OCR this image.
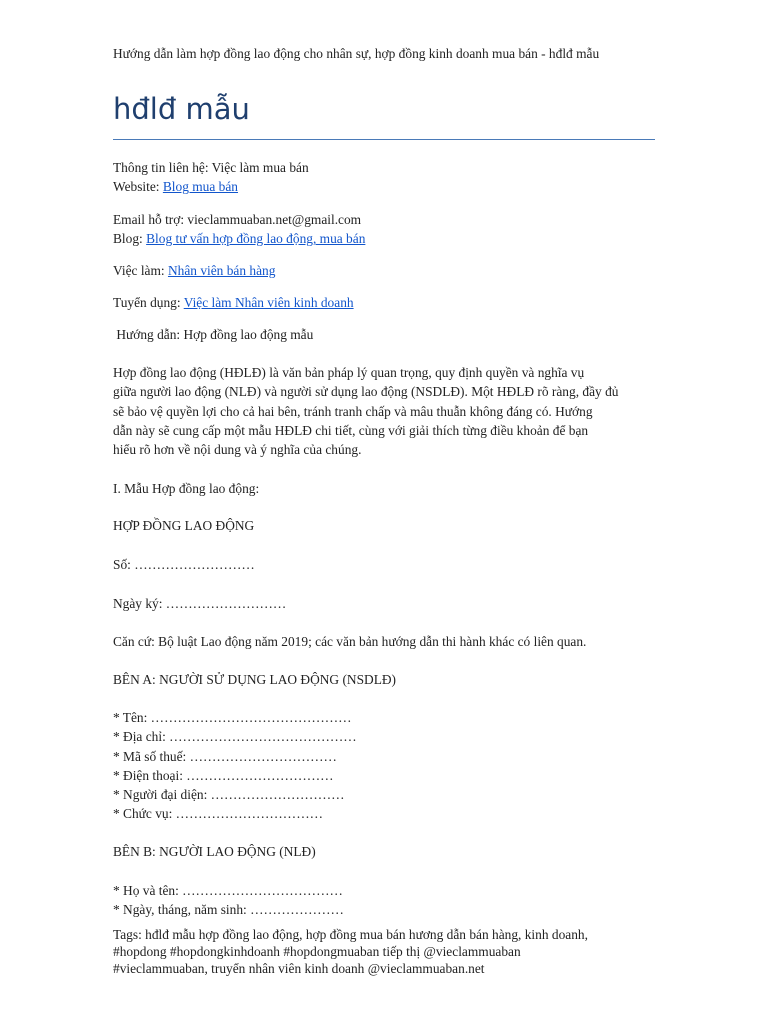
Hướng dẫn làm hợp đồng lao động cho nhân sự, hợp đồng kinh doanh mua bán - hđlđ mẫu
hđlđ mẫu
Thông tin liên hệ: Việc làm mua bán
Website: Blog mua bán
Email hỗ trợ: vieclammuaban.net@gmail.com
Blog: Blog tư vấn hợp đồng lao động, mua bán
Việc làm: Nhân viên bán hàng
Tuyển dụng: Việc làm Nhân viên kinh doanh
Hướng dẫn: Hợp đồng lao động mẫu
Hợp đồng lao động (HĐLĐ) là văn bản pháp lý quan trọng, quy định quyền và nghĩa vụ
giữa người lao động (NLĐ) và người sử dụng lao động (NSDLĐ). Một HĐLĐ rõ ràng, đầy đủ
sẽ bảo vệ quyền lợi cho cả hai bên, tránh tranh chấp và mâu thuẫn không đáng có. Hướng
dẫn này sẽ cung cấp một mẫu HĐLĐ chi tiết, cùng với giải thích từng điều khoản để bạn
hiểu rõ hơn về nội dung và ý nghĩa của chúng.
I. Mẫu Hợp đồng lao động:
HỢP ĐỒNG LAO ĐỘNG
Số: ………………………
Ngày ký: ………………………
Căn cứ: Bộ luật Lao động năm 2019; các văn bản hướng dẫn thi hành khác có liên quan.
BÊN A: NGƯỜI SỬ DỤNG LAO ĐỘNG (NSDLĐ)
* Tên: ………………………………………
* Địa chỉ: ……………………………………
* Mã số thuế: ……………………………
* Điện thoại: ……………………………
* Người đại diện: …………………………
* Chức vụ: ……………………………
BÊN B: NGƯỜI LAO ĐỘNG (NLĐ)
* Họ và tên: ………………………………
* Ngày, tháng, năm sinh: …………………
Tags: hđlđ mẫu hợp đồng lao động, hợp đồng mua bán hương dẫn bán hàng, kinh doanh,
#hopdong #hopdongkinhdoanh #hopdongmuaban tiếp thị @vieclammuaban
#vieclammuaban, truyển nhân viên kinh doanh @vieclammuaban.net
